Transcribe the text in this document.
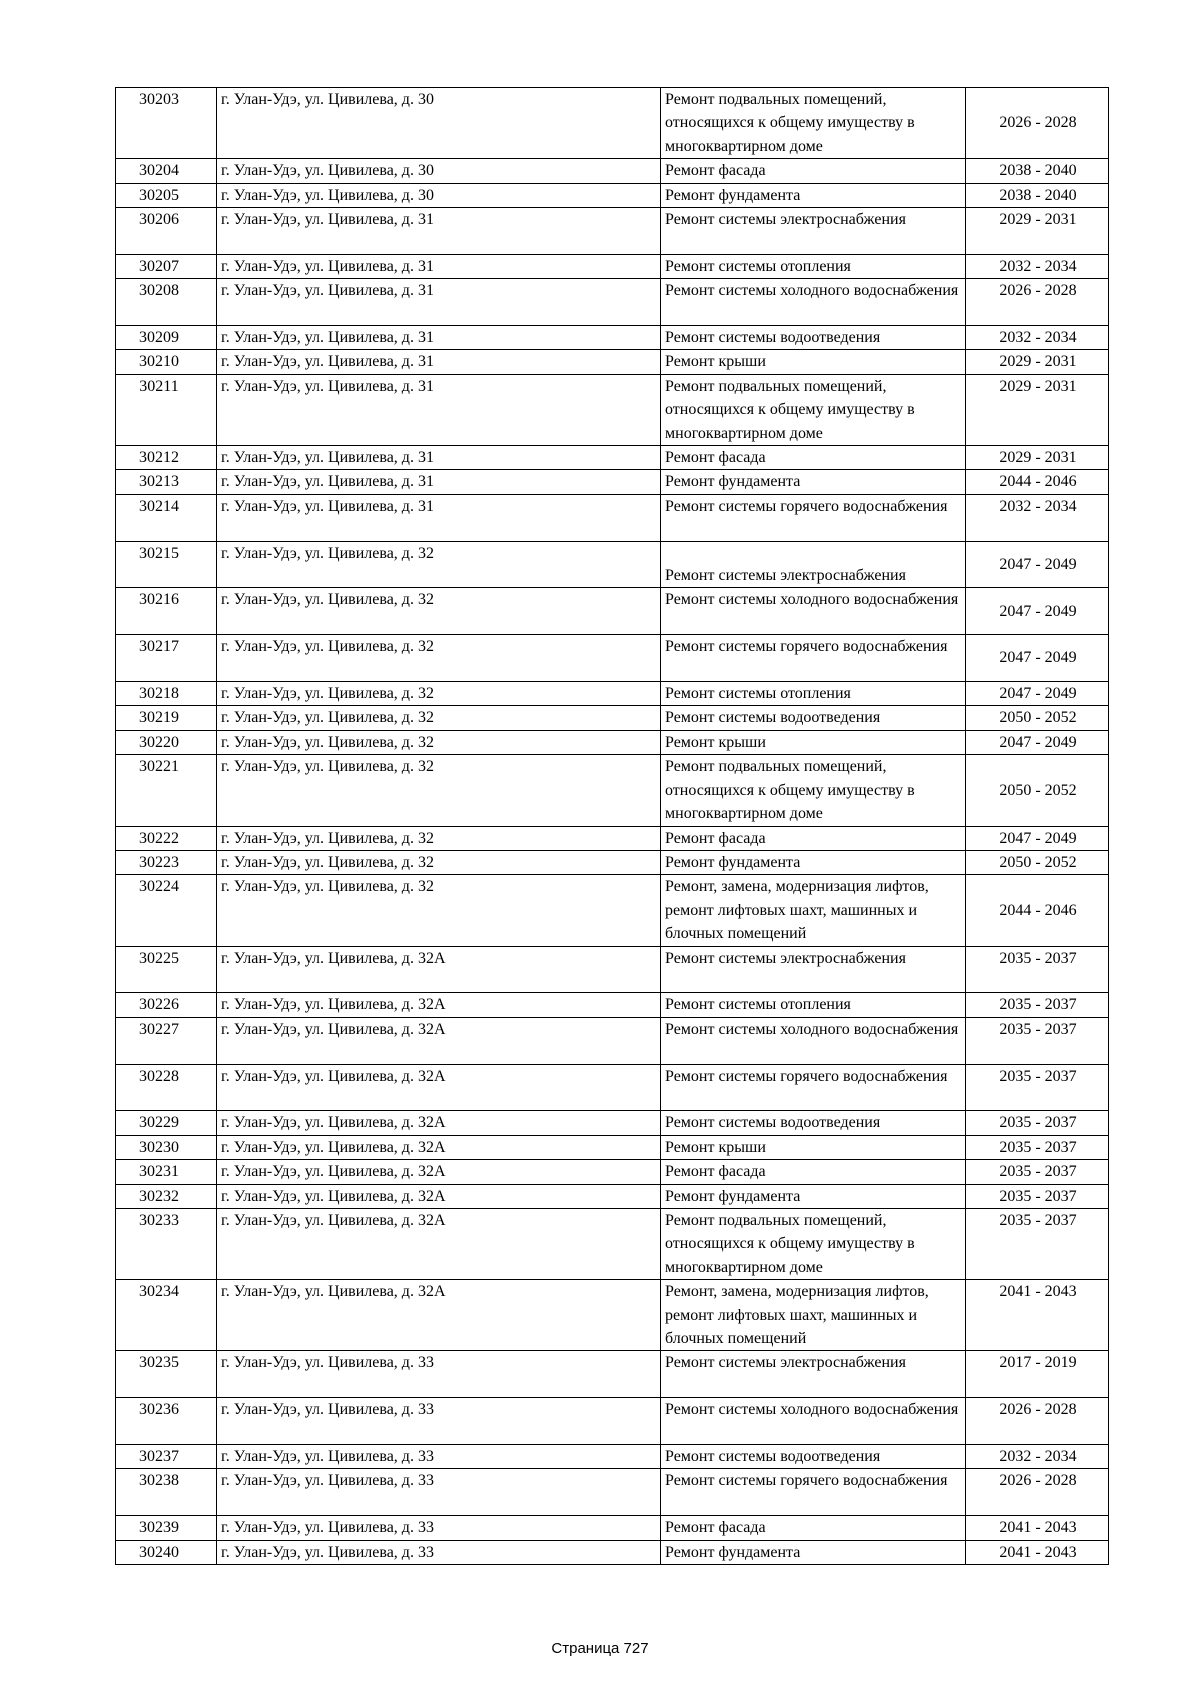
30203	г. Улан-Удэ, ул. Цивилева, д. 30	Ремонт подвальных помещений, относящихся к общему имуществу в многоквартирном доме	2026 - 2028
30204	г. Улан-Удэ, ул. Цивилева, д. 30	Ремонт фасада	2038 - 2040
30205	г. Улан-Удэ, ул. Цивилева, д. 30	Ремонт фундамента	2038 - 2040
30206	г. Улан-Удэ, ул. Цивилева, д. 31	Ремонт системы электроснабжения	2029 - 2031
30207	г. Улан-Удэ, ул. Цивилева, д. 31	Ремонт системы отопления	2032 - 2034
30208	г. Улан-Удэ, ул. Цивилева, д. 31	Ремонт системы холодного водоснабжения	2026 - 2028
30209	г. Улан-Удэ, ул. Цивилева, д. 31	Ремонт системы водоотведения	2032 - 2034
30210	г. Улан-Удэ, ул. Цивилева, д. 31	Ремонт крыши	2029 - 2031
30211	г. Улан-Удэ, ул. Цивилева, д. 31	Ремонт подвальных помещений, относящихся к общему имуществу в многоквартирном доме	2029 - 2031
30212	г. Улан-Удэ, ул. Цивилева, д. 31	Ремонт фасада	2029 - 2031
30213	г. Улан-Удэ, ул. Цивилева, д. 31	Ремонт фундамента	2044 - 2046
30214	г. Улан-Удэ, ул. Цивилева, д. 31	Ремонт системы горячего водоснабжения	2032 - 2034
30215	г. Улан-Удэ, ул. Цивилева, д. 32	Ремонт системы электроснабжения	2047 - 2049
30216	г. Улан-Удэ, ул. Цивилева, д. 32	Ремонт системы холодного водоснабжения	2047 - 2049
30217	г. Улан-Удэ, ул. Цивилева, д. 32	Ремонт системы горячего водоснабжения	2047 - 2049
30218	г. Улан-Удэ, ул. Цивилева, д. 32	Ремонт системы отопления	2047 - 2049
30219	г. Улан-Удэ, ул. Цивилева, д. 32	Ремонт системы водоотведения	2050 - 2052
30220	г. Улан-Удэ, ул. Цивилева, д. 32	Ремонт крыши	2047 - 2049
30221	г. Улан-Удэ, ул. Цивилева, д. 32	Ремонт подвальных помещений, относящихся к общему имуществу в многоквартирном доме	2050 - 2052
30222	г. Улан-Удэ, ул. Цивилева, д. 32	Ремонт фасада	2047 - 2049
30223	г. Улан-Удэ, ул. Цивилева, д. 32	Ремонт фундамента	2050 - 2052
30224	г. Улан-Удэ, ул. Цивилева, д. 32	Ремонт, замена, модернизация лифтов, ремонт лифтовых шахт, машинных и блочных помещений	2044 - 2046
30225	г. Улан-Удэ, ул. Цивилева, д. 32А	Ремонт системы электроснабжения	2035 - 2037
30226	г. Улан-Удэ, ул. Цивилева, д. 32А	Ремонт системы отопления	2035 - 2037
30227	г. Улан-Удэ, ул. Цивилева, д. 32А	Ремонт системы холодного водоснабжения	2035 - 2037
30228	г. Улан-Удэ, ул. Цивилева, д. 32А	Ремонт системы горячего водоснабжения	2035 - 2037
30229	г. Улан-Удэ, ул. Цивилева, д. 32А	Ремонт системы водоотведения	2035 - 2037
30230	г. Улан-Удэ, ул. Цивилева, д. 32А	Ремонт крыши	2035 - 2037
30231	г. Улан-Удэ, ул. Цивилева, д. 32А	Ремонт фасада	2035 - 2037
30232	г. Улан-Удэ, ул. Цивилева, д. 32А	Ремонт фундамента	2035 - 2037
30233	г. Улан-Удэ, ул. Цивилева, д. 32А	Ремонт подвальных помещений, относящихся к общему имуществу в многоквартирном доме	2035 - 2037
30234	г. Улан-Удэ, ул. Цивилева, д. 32А	Ремонт, замена, модернизация лифтов, ремонт лифтовых шахт, машинных и блочных помещений	2041 - 2043
30235	г. Улан-Удэ, ул. Цивилева, д. 33	Ремонт системы электроснабжения	2017 - 2019
30236	г. Улан-Удэ, ул. Цивилева, д. 33	Ремонт системы холодного водоснабжения	2026 - 2028
30237	г. Улан-Удэ, ул. Цивилева, д. 33	Ремонт системы водоотведения	2032 - 2034
30238	г. Улан-Удэ, ул. Цивилева, д. 33	Ремонт системы горячего водоснабжения	2026 - 2028
30239	г. Улан-Удэ, ул. Цивилева, д. 33	Ремонт фасада	2041 - 2043
30240	г. Улан-Удэ, ул. Цивилева, д. 33	Ремонт фундамента	2041 - 2043
Страница 727
